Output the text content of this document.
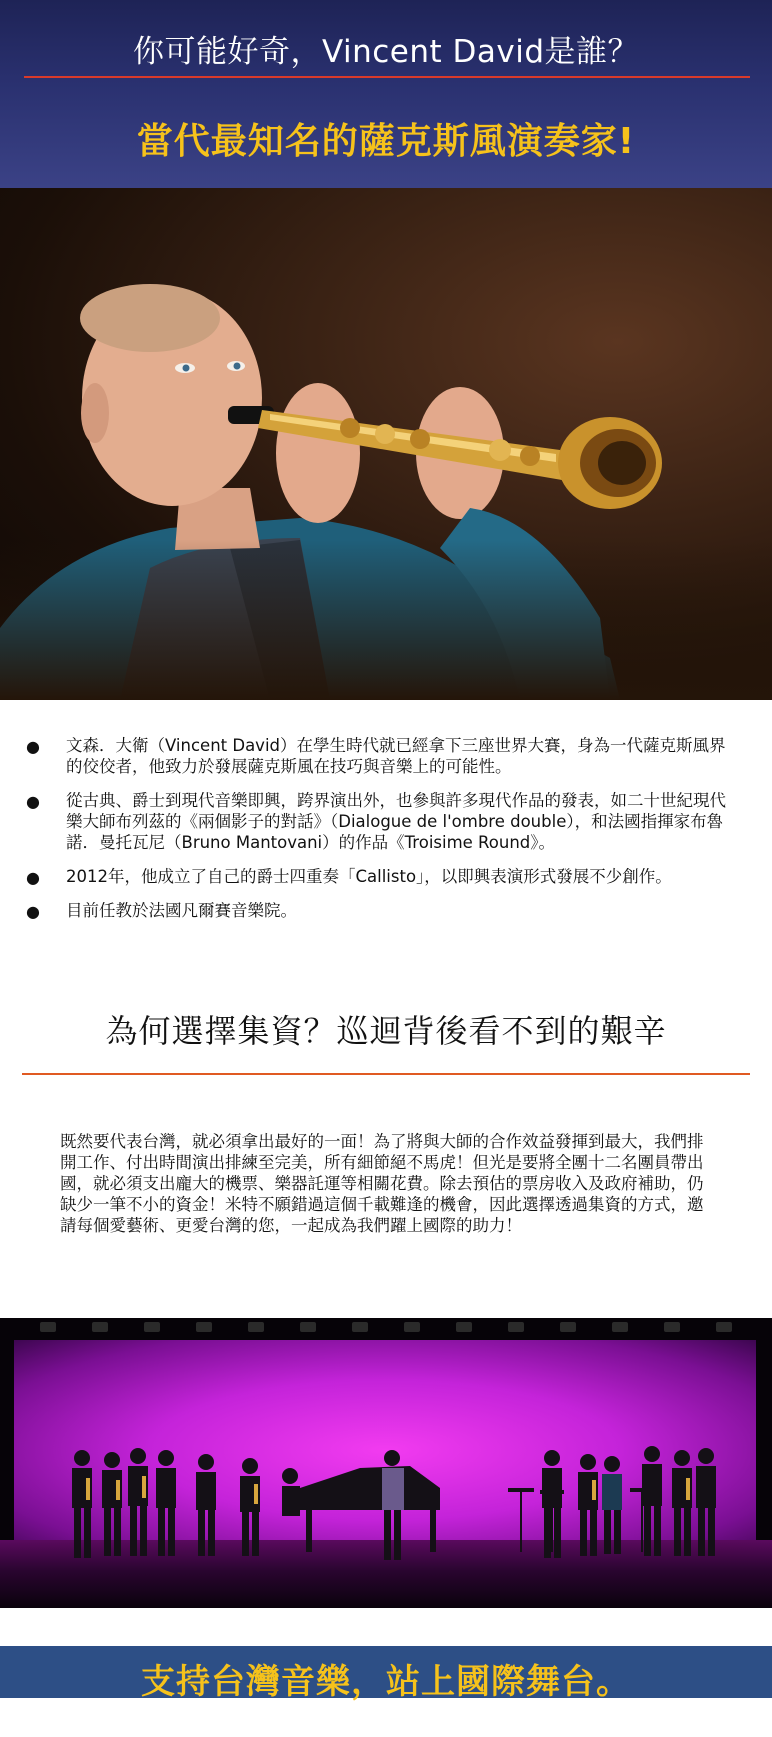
你可能好奇，Vincent David是誰？
當代最知名的薩克斯風演奏家!
● 文森．大衛（Vincent David）在學生時代就已經拿下三座世界大賽，身為一代薩克斯風界的佼佼者，他致力於發展薩克斯風在技巧與音樂上的可能性。
● 從古典、爵士到現代音樂即興，跨界演出外，也參與許多現代作品的發表，如二十世紀現代樂大師布列茲的《兩個影子的對話》（Dialogue de l'ombre double），和法國指揮家布魯諾．曼托瓦尼（Bruno Mantovani）的作品《Troisime Round》。
● 2012年，他成立了自己的爵士四重奏「Callisto」，以即興表演形式發展不少創作。
● 目前任教於法國凡爾賽音樂院。
為何選擇集資？巡迴背後看不到的艱辛
既然要代表台灣，就必須拿出最好的一面！為了將與大師的合作效益發揮到最大，我們排開工作、付出時間演出排練至完美，所有細節絕不馬虎！但光是要將全團十二名團員帶出國，就必須支出龐大的機票、樂器託運等相關花費。除去預估的票房收入及政府補助，仍缺少一筆不小的資金！米特不願錯過這個千載難逢的機會，因此選擇透過集資的方式，邀請每個愛藝術、更愛台灣的您，一起成為我們躍上國際的助力！
支持台灣音樂，站上國際舞台。
